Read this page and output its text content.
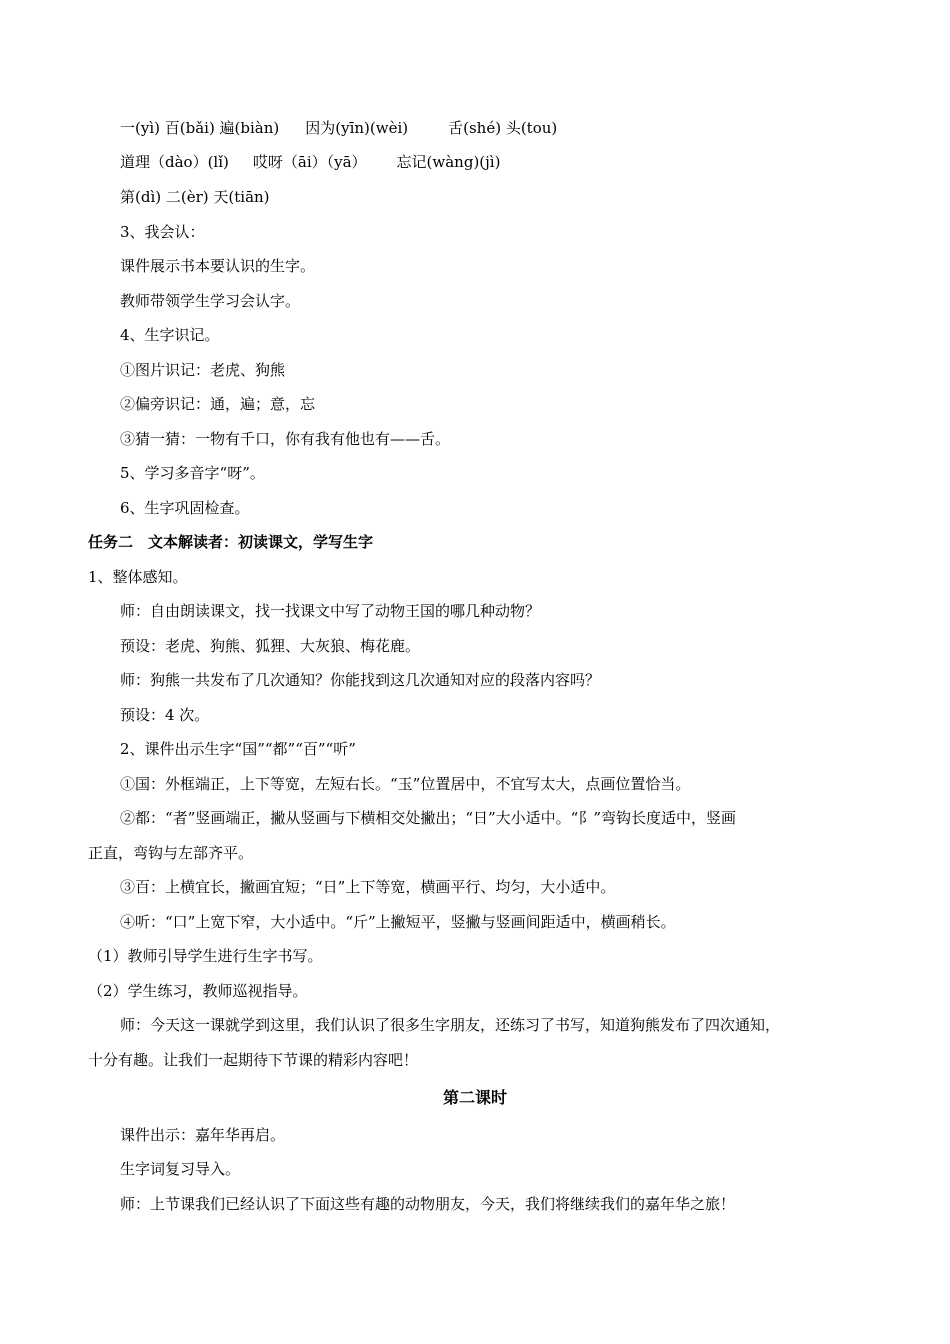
一(yì) 百(bǎi) 遍(biàn) 因为(yīn)(wèi)	舌(shé) 头(tou)
道理（dào）(lǐ) 哎呀（āi）（yā） 忘记(wàng)(jì)
第(dì) 二(èr) 天(tiān)
3、我会认：
课件展示书本要认识的生字。
教师带领学生学习会认字。
4、生字识记。
①图片识记：老虎、狗熊
②偏旁识记：通，遍；意，忘
③猜一猜：一物有千口，你有我有他也有——舌。
5、学习多音字“呀”。
6、生字巩固检查。
任务二　文本解读者：初读课文，学写生字
1、整体感知。
师：自由朗读课文，找一找课文中写了动物王国的哪几种动物？
预设：老虎、狗熊、狐狸、大灰狼、梅花鹿。
师：狗熊一共发布了几次通知？你能找到这几次通知对应的段落内容吗？
预设：4 次。
2、课件出示生字“国”“都”“百”“听”
①国：外框端正，上下等宽，左短右长。“玉”位置居中，不宜写太大，点画位置恰当。
②都：“者”竖画端正，撇从竖画与下横相交处撇出；“日”大小适中。“阝”弯钩长度适中，竖画
正直，弯钩与左部齐平。
③百：上横宜长，撇画宜短；“日”上下等宽，横画平行、均匀，大小适中。
④听：“口”上宽下窄，大小适中。“斤”上撇短平，竖撇与竖画间距适中，横画稍长。
（1）教师引导学生进行生字书写。
（2）学生练习，教师巡视指导。
师：今天这一课就学到这里，我们认识了很多生字朋友，还练习了书写，知道狗熊发布了四次通知，
十分有趣。让我们一起期待下节课的精彩内容吧！
第二课时
课件出示：嘉年华再启。
生字词复习导入。
师：上节课我们已经认识了下面这些有趣的动物朋友，今天，我们将继续我们的嘉年华之旅！
